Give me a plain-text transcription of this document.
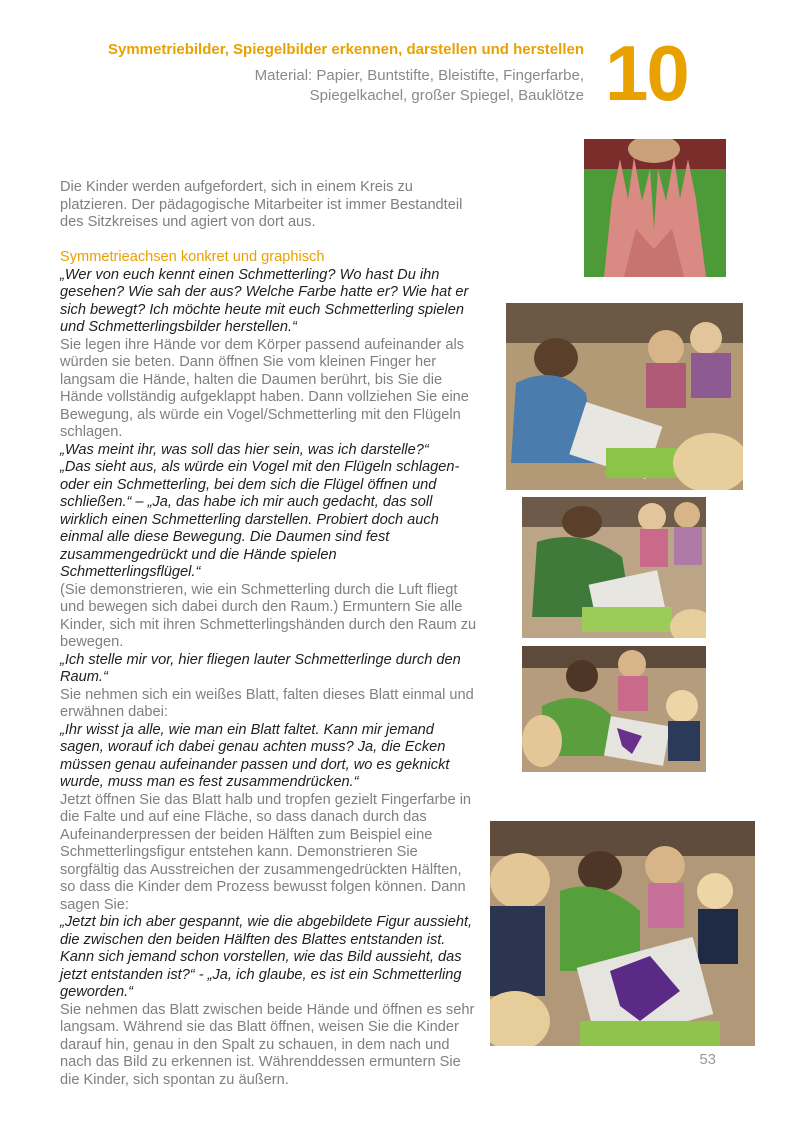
Symmetriebilder, Spiegelbilder erkennen, darstellen und herstellen
Material: Papier, Buntstifte, Bleistifte, Fingerfarbe,
Spiegelkachel, großer Spiegel, Bauklötze 10
Die Kinder werden aufgefordert, sich in einem Kreis zu platzieren. Der pädagogische Mitarbeiter ist immer Bestandteil des Sitzkreises und agiert von dort aus.

Symmetrieachsen konkret und graphisch

„Wer von euch kennt einen Schmetterling? Wo hast Du ihn gesehen? Wie sah der aus? Welche Farbe hatte er? Wie hat er sich bewegt? Ich möchte heute mit euch Schmetterling spielen und Schmetterlingsbilder herstellen.“

Sie legen ihre Hände vor dem Körper passend aufeinander als würden sie beten. Dann öffnen Sie vom kleinen Finger her langsam die Hände, halten die Daumen berührt, bis Sie die Hände vollständig aufgeklappt haben. Dann vollziehen Sie eine Bewegung, als würde ein Vogel/Schmetterling mit den Flügeln schlagen.

„Was meint ihr, was soll das hier sein, was ich darstelle?“

„Das sieht aus, als würde ein Vogel mit den Flügeln schlagen- oder ein Schmetterling, bei dem sich die Flügel öffnen und schließen.“ – „Ja, das habe ich mir auch gedacht, das soll wirklich einen Schmetterling darstellen. Probiert doch auch einmal alle diese Bewegung. Die Daumen sind fest zusammengedrückt und die Hände spielen Schmetterlingsflügel.“

(Sie demonstrieren, wie ein Schmetterling durch die Luft fliegt und bewegen sich dabei durch den Raum.) Ermuntern Sie alle Kinder, sich mit ihren Schmetterlingshänden durch den Raum zu bewegen.

„Ich stelle mir vor, hier fliegen lauter Schmetterlinge durch den Raum.“

Sie nehmen sich ein weißes Blatt, falten dieses Blatt einmal und erwähnen dabei:

„Ihr wisst ja alle, wie man ein Blatt faltet. Kann mir jemand sagen, worauf ich dabei genau achten muss? Ja, die Ecken müssen genau aufeinander passen und dort, wo es geknickt wurde, muss man es fest zusammendrücken.“

Jetzt öffnen Sie das Blatt halb und tropfen gezielt Fingerfarbe in die Falte und auf eine Fläche, so dass danach durch das Aufeinanderpressen der beiden Hälften zum Beispiel eine Schmetterlingsfigur entstehen kann. Demonstrieren Sie sorgfältig das Ausstreichen der zusammengedrückten Hälften, so dass die Kinder dem Prozess bewusst folgen können. Dann sagen Sie:

„Jetzt bin ich aber gespannt, wie die abgebildete Figur aussieht, die zwischen den beiden Hälften des Blattes entstanden ist. Kann sich jemand schon vorstellen, wie das Bild aussieht, das jetzt entstanden ist?“ - „Ja, ich glaube, es ist ein Schmetterling geworden.“

Sie nehmen das Blatt zwischen beide Hände und öffnen es sehr langsam. Während sie das Blatt öffnen, weisen Sie die Kinder darauf hin, genau in den Spalt zu schauen, in dem nach und nach das Bild zu erkennen ist. Währenddessen ermuntern Sie die Kinder, sich spontan zu äußern.

53
